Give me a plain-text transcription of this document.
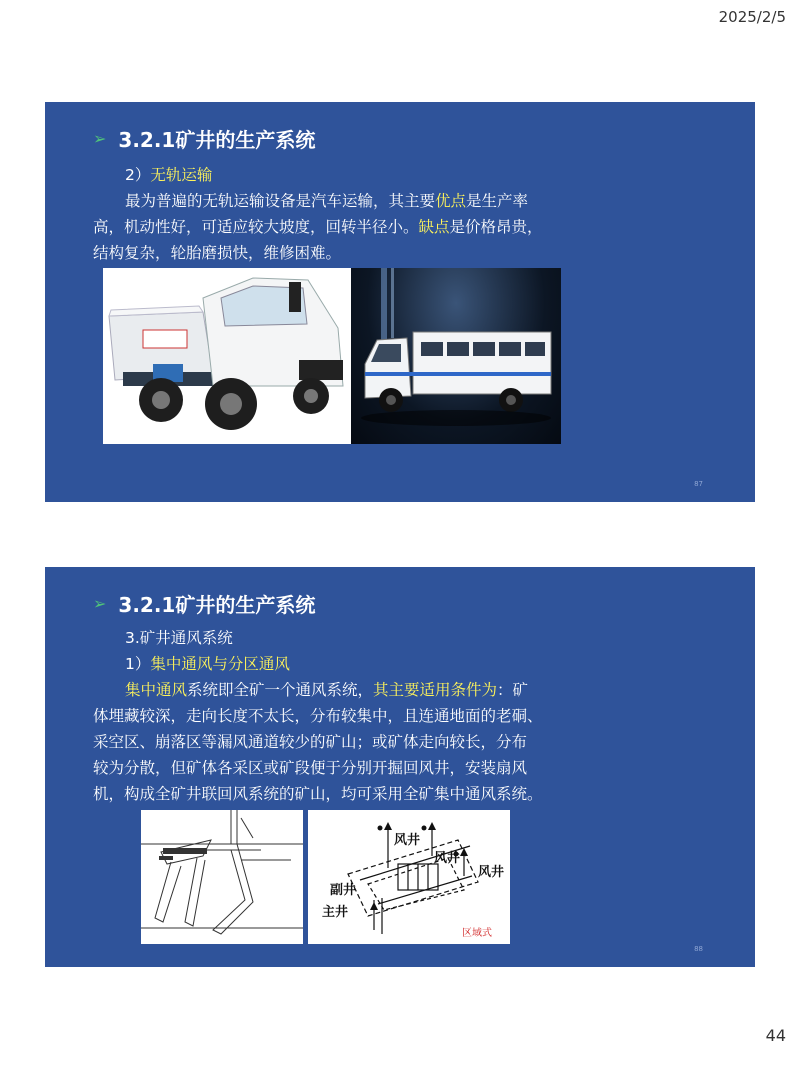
2025/2/5
➢ 3.2.1矿井的生产系统
2）无轨运输
最为普遍的无轨运输设备是汽车运输，其主要优点是生产率
高，机动性好，可适应较大坡度，回转半径小。缺点是价格昂贵，
结构复杂，轮胎磨损快，维修困难。
87
➢ 3.2.1矿井的生产系统
3.矿井通风系统
1）集中通风与分区通风
集中通风系统即全矿一个通风系统，其主要适用条件为：矿
体埋藏较深，走向长度不太长，分布较集中，且连通地面的老硐、
采空区、崩落区等漏风通道较少的矿山；或矿体走向较长，分布
较为分散，但矿体各采区或矿段便于分别开掘回风井，安装扇风
机，构成全矿井联回风系统的矿山，均可采用全矿集中通风系统。
风井
风井
风井
副井
主井
区域式
88
44
